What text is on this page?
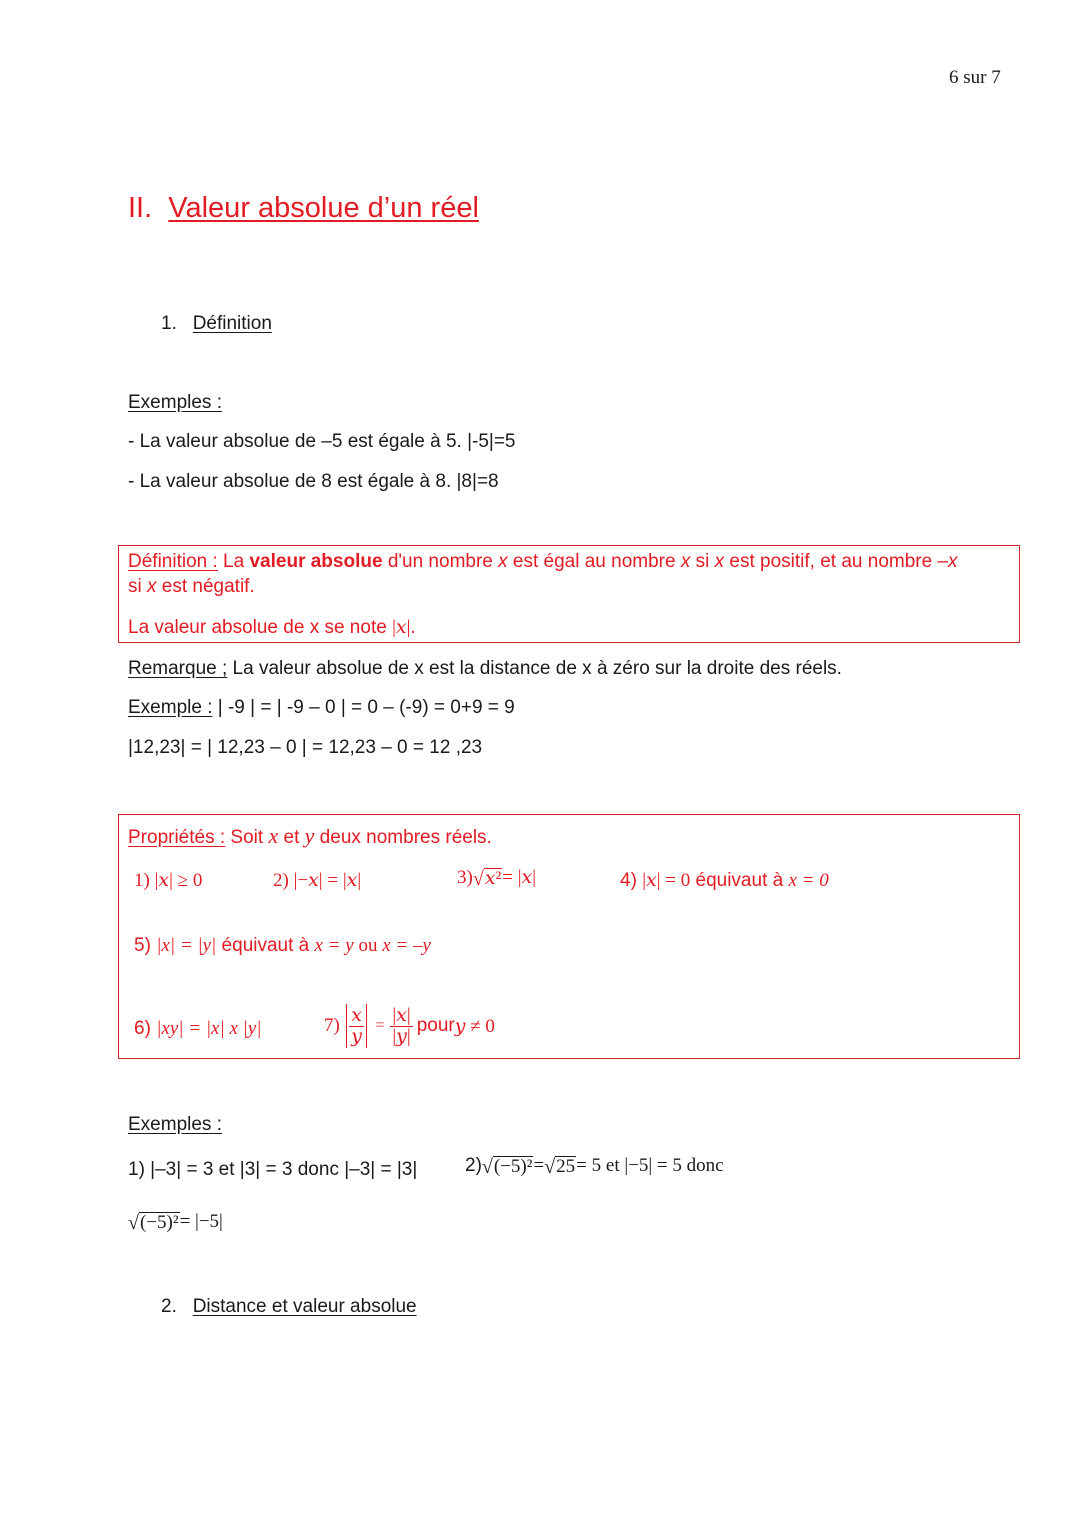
6 sur 7
II. Valeur absolue d’un réel
1. Définition
Exemples :
- La valeur absolue de –5 est égale à 5. |-5|=5
- La valeur absolue de 8 est égale à 8. |8|=8
Définition : La valeur absolue d'un nombre x est égal au nombre x si x est positif, et au nombre –x
si x est négatif.
La valeur absolue de x se note |𝑥|.
Remarque ; La valeur absolue de x est la distance de x à zéro sur la droite des réels.
Exemple : | -9 | = | -9 – 0 | = 0 – (-9) = 0+9 = 9
|12,23| = | 12,23 – 0 | = 12,23 – 0 = 12 ,23
Propriétés : Soit x et y deux nombres réels.
1) |𝑥| ≥ 0	2) |−𝑥| = |𝑥|	3) √ 𝑥² = |𝑥|	4) |𝑥| = 0 équivaut à x = 0
5) |x| = |y| équivaut à x = y ou x = –y
6) |xy| = |x| x |y|	$7) \frac{\text{𝑥}}{\text{𝑦}} = \frac{\text{|𝑥|}}{\text{|𝑦|}}$ pour 𝑦 ≠ 0
Exemples :
1) |–3| = 3 et |3| = 3 donc |–3| = |3|	2) √ (−5)² = √ 25 = 5 et |−5| = 5 donc
√ (−5)² = |−5|
2. Distance et valeur absolue
